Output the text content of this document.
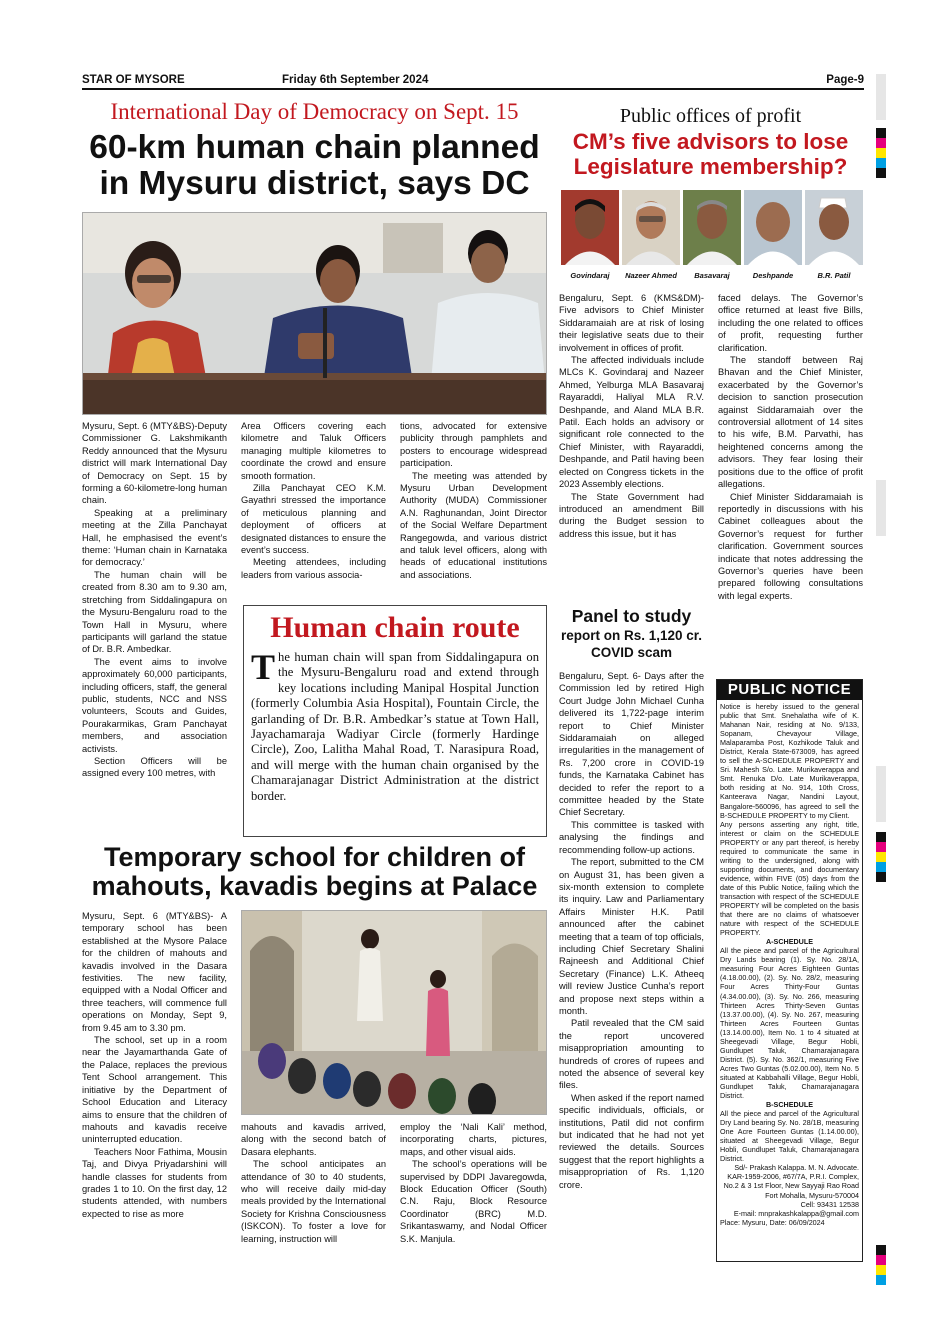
STAR OF MYSORE	Friday 6th September 2024	Page-9
International Day of Democracy on Sept. 15
60-km human chain planned
in Mysuru district, says DC

Mysuru, Sept. 6 (MTY&BS)-Deputy Commissioner G. Lakshmikanth Reddy announced that the Mysuru district will mark International Day of Democracy on Sept. 15 by forming a 60-kilometre-long human chain.

Speaking at a preliminary meeting at the Zilla Panchayat Hall, he emphasised the event’s theme: ‘Human chain in Karnataka for democracy.’

The human chain will be created from 8.30 am to 9.30 am, stretching from Siddalingapura on the Mysuru-Bengaluru road to the Town Hall in Mysuru, where participants will garland the statue of Dr. B.R. Ambedkar.

The event aims to involve approximately 60,000 participants, including officers, staff, the general public, students, NCC and NSS volunteers, Scouts and Guides, Pourakarmikas, Gram Panchayat members, and association activists.

Section Officers will be assigned every 100 metres, with

Area Officers covering each kilometre and Taluk Officers managing multiple kilometres to coordinate the crowd and ensure smooth formation.

Zilla Panchayat CEO K.M. Gayathri stressed the importance of meticulous planning and deployment of officers at designated distances to ensure the event’s success.

Meeting attendees, including leaders from various associa-

tions, advocated for extensive publicity through pamphlets and posters to encourage widespread participation.

The meeting was attended by Mysuru Urban Development Authority (MUDA) Commissioner A.N. Raghunandan, Joint Director of the Social Welfare Department Rangegowda, and various district and taluk level officers, along with heads of educational institutions and associations.

Human chain route
T he human chain will span from Siddalingapura on the Mysuru-Bengaluru road and extend through key locations including Manipal Hospital Junction (formerly Columbia Asia Hospital), Fountain Circle, the garlanding of Dr. B.R. Ambedkar’s statue at Town Hall, Jayachamaraja Wadiyar Circle (formerly Hardinge Circle), Zoo, Lalitha Mahal Road, T. Narasipura Road, and will merge with the human chain organised by the Chamarajanagar District Administration at the district border.
Temporary school for children of
mahouts, kavadis begins at Palace

Mysuru, Sept. 6 (MTY&BS)- A temporary school has been established at the Mysore Palace for the children of mahouts and kavadis involved in the Dasara festivities. The new facility, equipped with a Nodal Officer and three teachers, will commence full operations on Monday, Sept 9, from 9.45 am to 3.30 pm.

The school, set up in a room near the Jayamarthanda Gate of the Palace, replaces the previous Tent School arrangement. This initiative by the Department of School Education and Literacy aims to ensure that the children of mahouts and kavadis receive uninterrupted education.

Teachers Noor Fathima, Mousin Taj, and Divya Priyadarshini will handle classes for students from grades 1 to 10. On the first day, 12 students attended, with numbers expected to rise as more

mahouts and kavadis arrived, along with the second batch of Dasara elephants.

The school anticipates an attendance of 30 to 40 students, who will receive daily mid-day meals provided by the International Society for Krishna Consciousness (ISKCON). To foster a love for learning, instruction will

employ the ‘Nali Kali’ method, incorporating charts, pictures, maps, and other visual aids.

The school’s operations will be supervised by DDPI Javaregowda, Block Education Officer (South) C.N. Raju, Block Resource Coordinator (BRC) M.D. Srikantaswamy, and Nodal Officer S.K. Manjula.

Public offices of profit
CM’s five advisors to lose
Legislature membership?
Govindaraj	Nazeer Ahmed	Basavaraj	Deshpande	B.R. Patil

Bengaluru, Sept. 6 (KMS&DM)- Five advisors to Chief Minister Siddaramaiah are at risk of losing their legislative seats due to their involvement in offices of profit.

The affected individuals include MLCs K. Govindaraj and Nazeer Ahmed, Yelburga MLA Basavaraj Rayaraddi, Haliyal MLA R.V. Deshpande, and Aland MLA B.R. Patil. Each holds an advisory or significant role connected to the Chief Minister, with Rayaraddi, Deshpande, and Patil having been elected on Congress tickets in the 2023 Assembly elections.

The State Government had introduced an amendment Bill during the Budget session to address this issue, but it has

faced delays. The Governor’s office returned at least five Bills, including the one related to offices of profit, requesting further clarification.

The standoff between Raj Bhavan and the Chief Minister, exacerbated by the Governor’s decision to sanction prosecution against Siddaramaiah over the controversial allotment of 14 sites to his wife, B.M. Parvathi, has heightened concerns among the advisors. They fear losing their positions due to the office of profit allegations.

Chief Minister Siddaramaiah is reportedly in discussions with his Cabinet colleagues about the Governor’s request for further clarification. Government sources indicate that notes addressing the Governor’s queries have been prepared following consultations with legal experts.

Panel to study
report on Rs. 1,120 cr.
COVID scam

Bengaluru, Sept. 6- Days after the Commission led by retired High Court Judge John Michael Cunha delivered its 1,722-page interim report to Chief Minister Siddaramaiah on alleged irregularities in the management of Rs. 7,200 crore in COVID-19 funds, the Karnataka Cabinet has decided to refer the report to a committee headed by the State Chief Secretary.

This committee is tasked with analysing the findings and recommending follow-up actions.

The report, submitted to the CM on August 31, has been given a six-month extension to complete its inquiry. Law and Parliamentary Affairs Minister H.K. Patil announced after the cabinet meeting that a team of top officials, including Chief Secretary Shalini Rajneesh and Additional Chief Secretary (Finance) L.K. Atheeq will review Justice Cunha’s report and propose next steps within a month.

Patil revealed that the CM said the report uncovered misappropriation amounting to hundreds of crores of rupees and noted the absence of several key files.

When asked if the report named specific individuals, officials, or institutions, Patil did not confirm but indicated that he had not yet reviewed the details. Sources suggest that the report highlights a misappropriation of Rs. 1,120 crore.

PUBLIC NOTICE

Notice is hereby issued to the general public that Smt. Snehalatha wife of K. Mahanan Nair, residing at No. 9/133, Sopanam, Chevayour Village, Malaparamba Post, Kozhikode Taluk and District, Kerala State-673009, has agreed to sell the A-SCHEDULE PROPERTY and Sri. Mahesh S/o. Late. Murikaverappa and Smt. Renuka D/o. Late Murikaverappa, both residing at No. 914, 10th Cross, Kanteerava Nagar, Nandini Layout, Bangalore-560096, has agreed to sell the B-SCHEDULE PROPERTY to my Client.

Any persons asserting any right, title, interest or claim on the SCHEDULE PROPERTY or any part thereof, is hereby required to communicate the same in writing to the undersigned, along with supporting documents, and documentary evidence, within FIVE (05) days from the date of this Public Notice, failing which the transaction with respect of the SCHEDULE PROPERTY will be completed on the basis that there are no claims of whatsoever nature with respect of the SCHEDULE PROPERTY.

A-SCHEDULE

All the piece and parcel of the Agricultural Dry Lands bearing (1). Sy. No. 28/1A, measuring Four Acres Eighteen Guntas (4.18.00.00), (2). Sy. No. 28/2, measuring Four Acres Thirty-Four Guntas (4.34.00.00), (3). Sy. No. 266, measuring Thirteen Acres Thirty-Seven Guntas (13.37.00.00), (4). Sy. No. 267, measuring Thirteen Acres Fourteen Guntas (13.14.00.00), Item No. 1 to 4 situated at Sheegevadi Village, Begur Hobli, Gundlupet Taluk, Chamarajanagara District. (5). Sy. No. 362/1, measuring Five Acres Two Guntas (5.02.00.00), Item No. 5 situated at Kabbahalli Village, Begur Hobli, Gundlupet Taluk, Chamarajanagara District.

B-SCHEDULE

All the piece and parcel of the Agricultural Dry Land bearing Sy. No. 28/1B, measuring One Acre Fourteen Guntas (1.14.00.00), situated at Sheegevadi Village, Begur Hobli, Gundlupet Taluk, Chamarajanagara District.

Sd/- Prakash Kalappa. M. N. Advocate.
KAR-1959-2006, #67/7A, P.R.I. Complex,
No.2 & 3 1st Floor, New Sayyaji Rao Road
Fort Mohalla, Mysuru-570004
Cell: 93431 12538
E-mail: mnprakashkalappa@gmail.com
Place: Mysuru, Date: 06/09/2024
